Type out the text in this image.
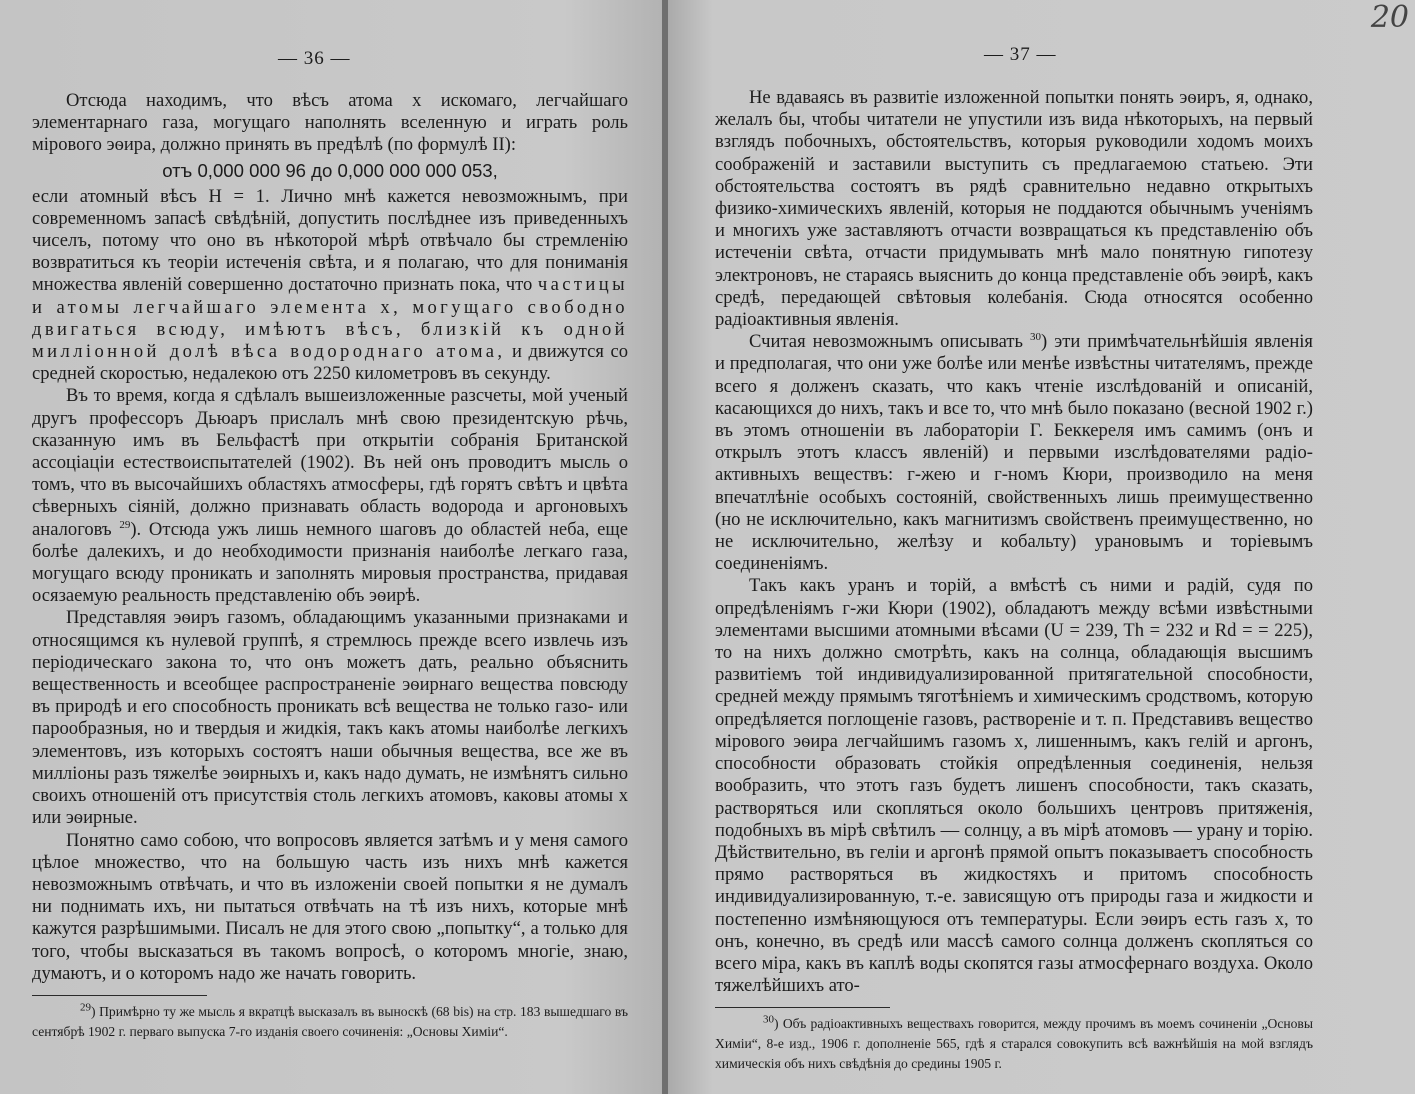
— 36 —

Отсюда находимъ, что вѣсъ атома x искомаго, легчайшаго элементарнаго газа, могущаго наполнять вселенную и играть роль мірового эѳира, должно принять въ предѣлѣ (по формулѣ II):

отъ 0,000 000 96 до 0,000 000 000 053,

если атомный вѣсъ H = 1. Лично мнѣ кажется невозможнымъ, при современномъ запасѣ свѣдѣній, допустить послѣднее изъ приведенныхъ чиселъ, потому что оно въ нѣкоторой мѣрѣ отвѣчало бы стремленію возвратиться къ теоріи истеченія свѣта, и я полагаю, что для пониманія множества явленій совершенно достаточно признать пока, что частицы и атомы легчайшаго элемента x, могущаго свободно двигаться всюду, имѣютъ вѣсъ, близкій къ одной милліонной долѣ вѣса водороднаго атома, и движутся со средней скоростью, недалекою отъ 2250 километровъ въ секунду.

Въ то время, когда я сдѣлалъ вышеизложенные разсчеты, мой ученый другъ профессоръ Дьюаръ прислалъ мнѣ свою президентскую рѣчь, сказанную имъ въ Бельфастѣ при открытіи собранія Британской ассоціаціи естествоиспытателей (1902). Въ ней онъ проводитъ мысль о томъ, что въ высочайшихъ областяхъ атмосферы, гдѣ горятъ свѣтъ и цвѣта сѣверныхъ сіяній, должно признавать область водорода и аргоновыхъ аналоговъ $^{29}$). Отсюда ужъ лишь немного шаговъ до областей неба, еще болѣе далекихъ, и до необходимости признанія наиболѣе легкаго газа, могущаго всюду проникать и заполнять мировыя пространства, придавая осязаемую реальность представленію объ эѳирѣ.

Представляя эѳиръ газомъ, обладающимъ указанными признаками и относящимся къ нулевой группѣ, я стремлюсь прежде всего извлечь изъ періодическаго закона то, что онъ можетъ дать, реально объяснить вещественность и всеобщее распространеніе эѳирнаго вещества повсюду въ природѣ и его способность проникать всѣ вещества не только газо- или парообразныя, но и твердыя и жидкія, такъ какъ атомы наиболѣе легкихъ элементовъ, изъ которыхъ состоятъ наши обычныя вещества, все же въ милліоны разъ тяжелѣе эѳирныхъ и, какъ надо думать, не измѣнятъ сильно своихъ отношеній отъ присутствія столь легкихъ атомовъ, каковы атомы x или эѳирные.

Понятно само собою, что вопросовъ является затѣмъ и у меня самого цѣлое множество, что на большую часть изъ нихъ мнѣ кажется невозможнымъ отвѣчать, и что въ изложеніи своей попытки я не думалъ ни поднимать ихъ, ни пытаться отвѣчать на тѣ изъ нихъ, которые мнѣ кажутся разрѣшимыми. Писалъ не для этого свою „попытку“, а только для того, чтобы высказаться въ такомъ вопросѣ, о которомъ многіе, знаю, думаютъ, и о которомъ надо же начать говорить.

$^{29}$) Примѣрно ту же мысль я вкратцѣ высказалъ въ выноскѣ (68 bis) на стр. 183 вышедшаго въ сентябрѣ 1902 г. перваго выпуска 7-го изданія своего сочиненія: „Основы Химіи“.

— 37 —
20

Не вдаваясь въ развитіе изложенной попытки понять эѳиръ, я, однако, желалъ бы, чтобы читатели не упустили изъ вида нѣкоторыхъ, на первый взглядъ побочныхъ, обстоятельствъ, которыя руководили ходомъ моихъ соображеній и заставили выступить съ предлагаемою статьею. Эти обстоятельства состоятъ въ рядѣ сравнительно недавно открытыхъ физико-химическихъ явленій, которыя не поддаются обычнымъ ученіямъ и многихъ уже заставляютъ отчасти возвращаться къ представленію объ истеченіи свѣта, отчасти придумывать мнѣ мало понятную гипотезу электроновъ, не стараясь выяснить до конца представленіе объ эѳирѣ, какъ средѣ, передающей свѣтовыя колебанія. Сюда относятся особенно радіоактивныя явленія.

Считая невозможнымъ описывать $^{30}$) эти примѣчательнѣйшія явленія и предполагая, что они уже болѣе или менѣе извѣстны читателямъ, прежде всего я долженъ сказать, что какъ чтеніе изслѣдованій и описаній, касающихся до нихъ, такъ и все то, что мнѣ было показано (весной 1902 г.) въ этомъ отношеніи въ лабораторіи Г. Беккереля имъ самимъ (онъ и открылъ этотъ классъ явленій) и первыми изслѣдователями радіо-активныхъ веществъ: г-жею и г-номъ Кюри, производило на меня впечатлѣніе особыхъ состояній, свойственныхъ лишь преимущественно (но не исключительно, какъ магнитизмъ свойственъ преимущественно, но не исключительно, желѣзу и кобальту) урановымъ и торіевымъ соединеніямъ.

Такъ какъ уранъ и торій, а вмѣстѣ съ ними и радій, судя по опредѣленіямъ г-жи Кюри (1902), обладаютъ между всѣми извѣстными элементами высшими атомными вѣсами (U = 239, Th = 232 и Rd = = 225), то на нихъ должно смотрѣть, какъ на солнца, обладающія высшимъ развитіемъ той индивидуализированной притягательной способности, средней между прямымъ тяготѣніемъ и химическимъ сродствомъ, которую опредѣляется поглощеніе газовъ, раствореніе и т. п. Представивъ вещество мірового эѳира легчайшимъ газомъ x, лишеннымъ, какъ гелій и аргонъ, способности образовать стойкія опредѣленныя соединенія, нельзя вообразить, что этотъ газъ будетъ лишенъ способности, такъ сказать, растворяться или скопляться около большихъ центровъ притяженія, подобныхъ въ мірѣ свѣтилъ — солнцу, а въ мірѣ атомовъ — урану и торію. Дѣйствительно, въ геліи и аргонѣ прямой опытъ показываетъ способность прямо растворяться въ жидкостяхъ и притомъ способность индивидуализированную, т.-е. зависящую отъ природы газа и жидкости и постепенно измѣняющуюся отъ температуры. Если эѳиръ есть газъ x, то онъ, конечно, въ средѣ или массѣ самого солнца долженъ скопляться со всего міра, какъ въ каплѣ воды скопятся газы атмосфернаго воздуха. Около тяжелѣйшихъ ато-

$^{30}$) Объ радіоактивныхъ веществахъ говорится, между прочимъ въ моемъ сочиненіи „Основы Химіи“, 8-е изд., 1906 г. дополненіе 565, гдѣ я старался совокупить всѣ важнѣйшія на мой взглядъ химическія объ нихъ свѣдѣнія до средины 1905 г.
